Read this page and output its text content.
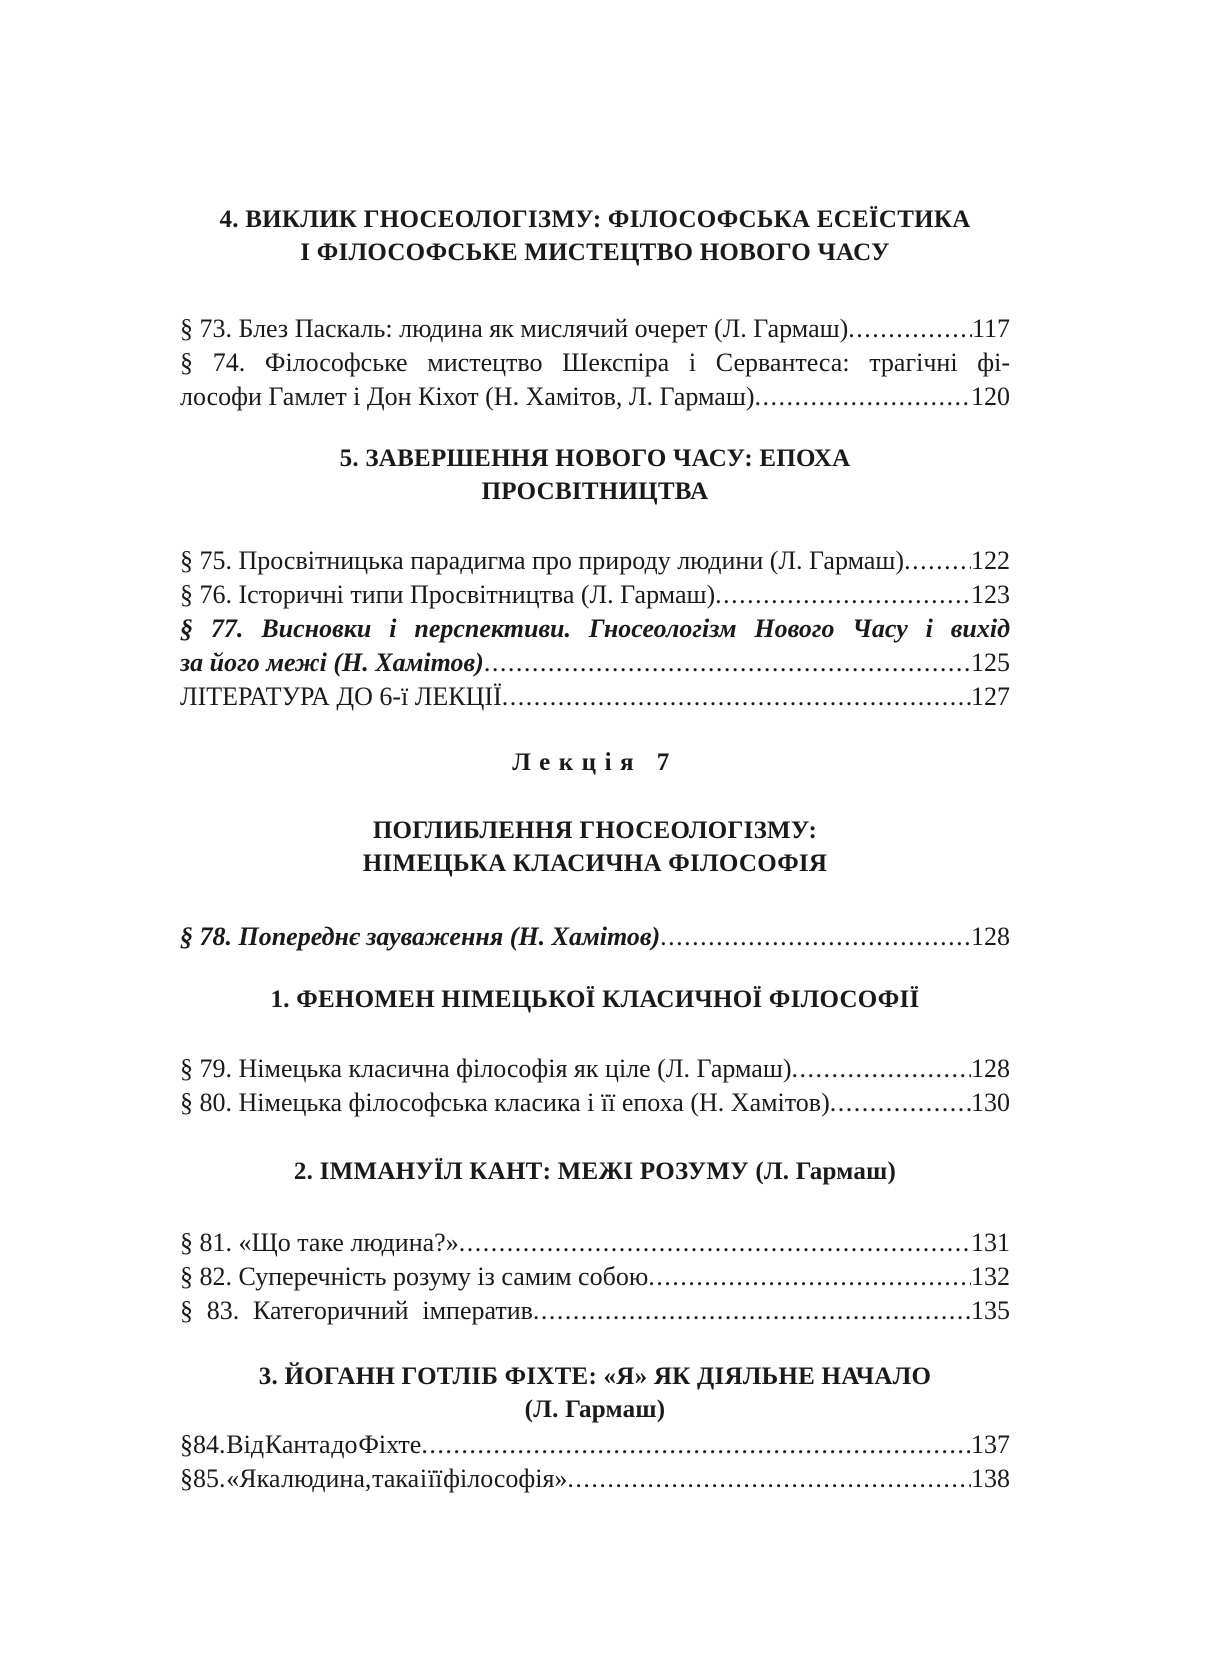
4. ВИКЛИК ГНОСЕОЛОГІЗМУ: ФІЛОСОФСЬКА ЕСЕЇСТИКА
І ФІЛОСОФСЬКЕ МИСТЕЦТВО НОВОГО ЧАСУ
§ 73. Блез Паскаль: людина як мислячий очерет (Л. Гармаш) .....	117
§ 74. Філософське мистецтво Шекспіра і Сервантеса: трагічні фі-
лософи Гамлет і Дон Кіхот (Н. Хамітов, Л. Гармаш) .....	120
5. ЗАВЕРШЕННЯ НОВОГО ЧАСУ: ЕПОХА
ПРОСВІТНИЦТВА
§ 75. Просвітницька парадигма про природу людини (Л. Гармаш) .....	122
§ 76. Історичні типи Просвітництва (Л. Гармаш) .....	123
§ 77. Висновки і перспективи. Гносеологізм Нового Часу і вихід
за його межі (Н. Хамітов) .....	125
ЛІТЕРАТУРА ДО 6-ї ЛЕКЦІЇ .....	127
Лекція 7
ПОГЛИБЛЕННЯ ГНОСЕОЛОГІЗМУ:
НІМЕЦЬКА КЛАСИЧНА ФІЛОСОФІЯ
§ 78. Попереднє зауваження (Н. Хамітов) .....	128
1. ФЕНОМЕН НІМЕЦЬКОЇ КЛАСИЧНОЇ ФІЛОСОФІЇ
§ 79. Німецька класична філософія як ціле (Л. Гармаш) .....	128
§ 80. Німецька філософська класика і її епоха (Н. Хамітов) .....	130
2. ІММАНУЇЛ КАНТ: МЕЖІ РОЗУМУ (Л. Гармаш)
§ 81. «Що таке людина?» .....	131
§ 82. Суперечність розуму із самим собою .....	132
§ 83. Категоричний імператив .....	135
3. ЙОГАНН ГОТЛІБ ФІХТЕ: «Я» ЯК ДІЯЛЬНЕ НАЧАЛО
(Л. Гармаш)
§84. Від Канта до Фіхте .....	137
§85. «Яка людина, така і її філософія» .....	138
